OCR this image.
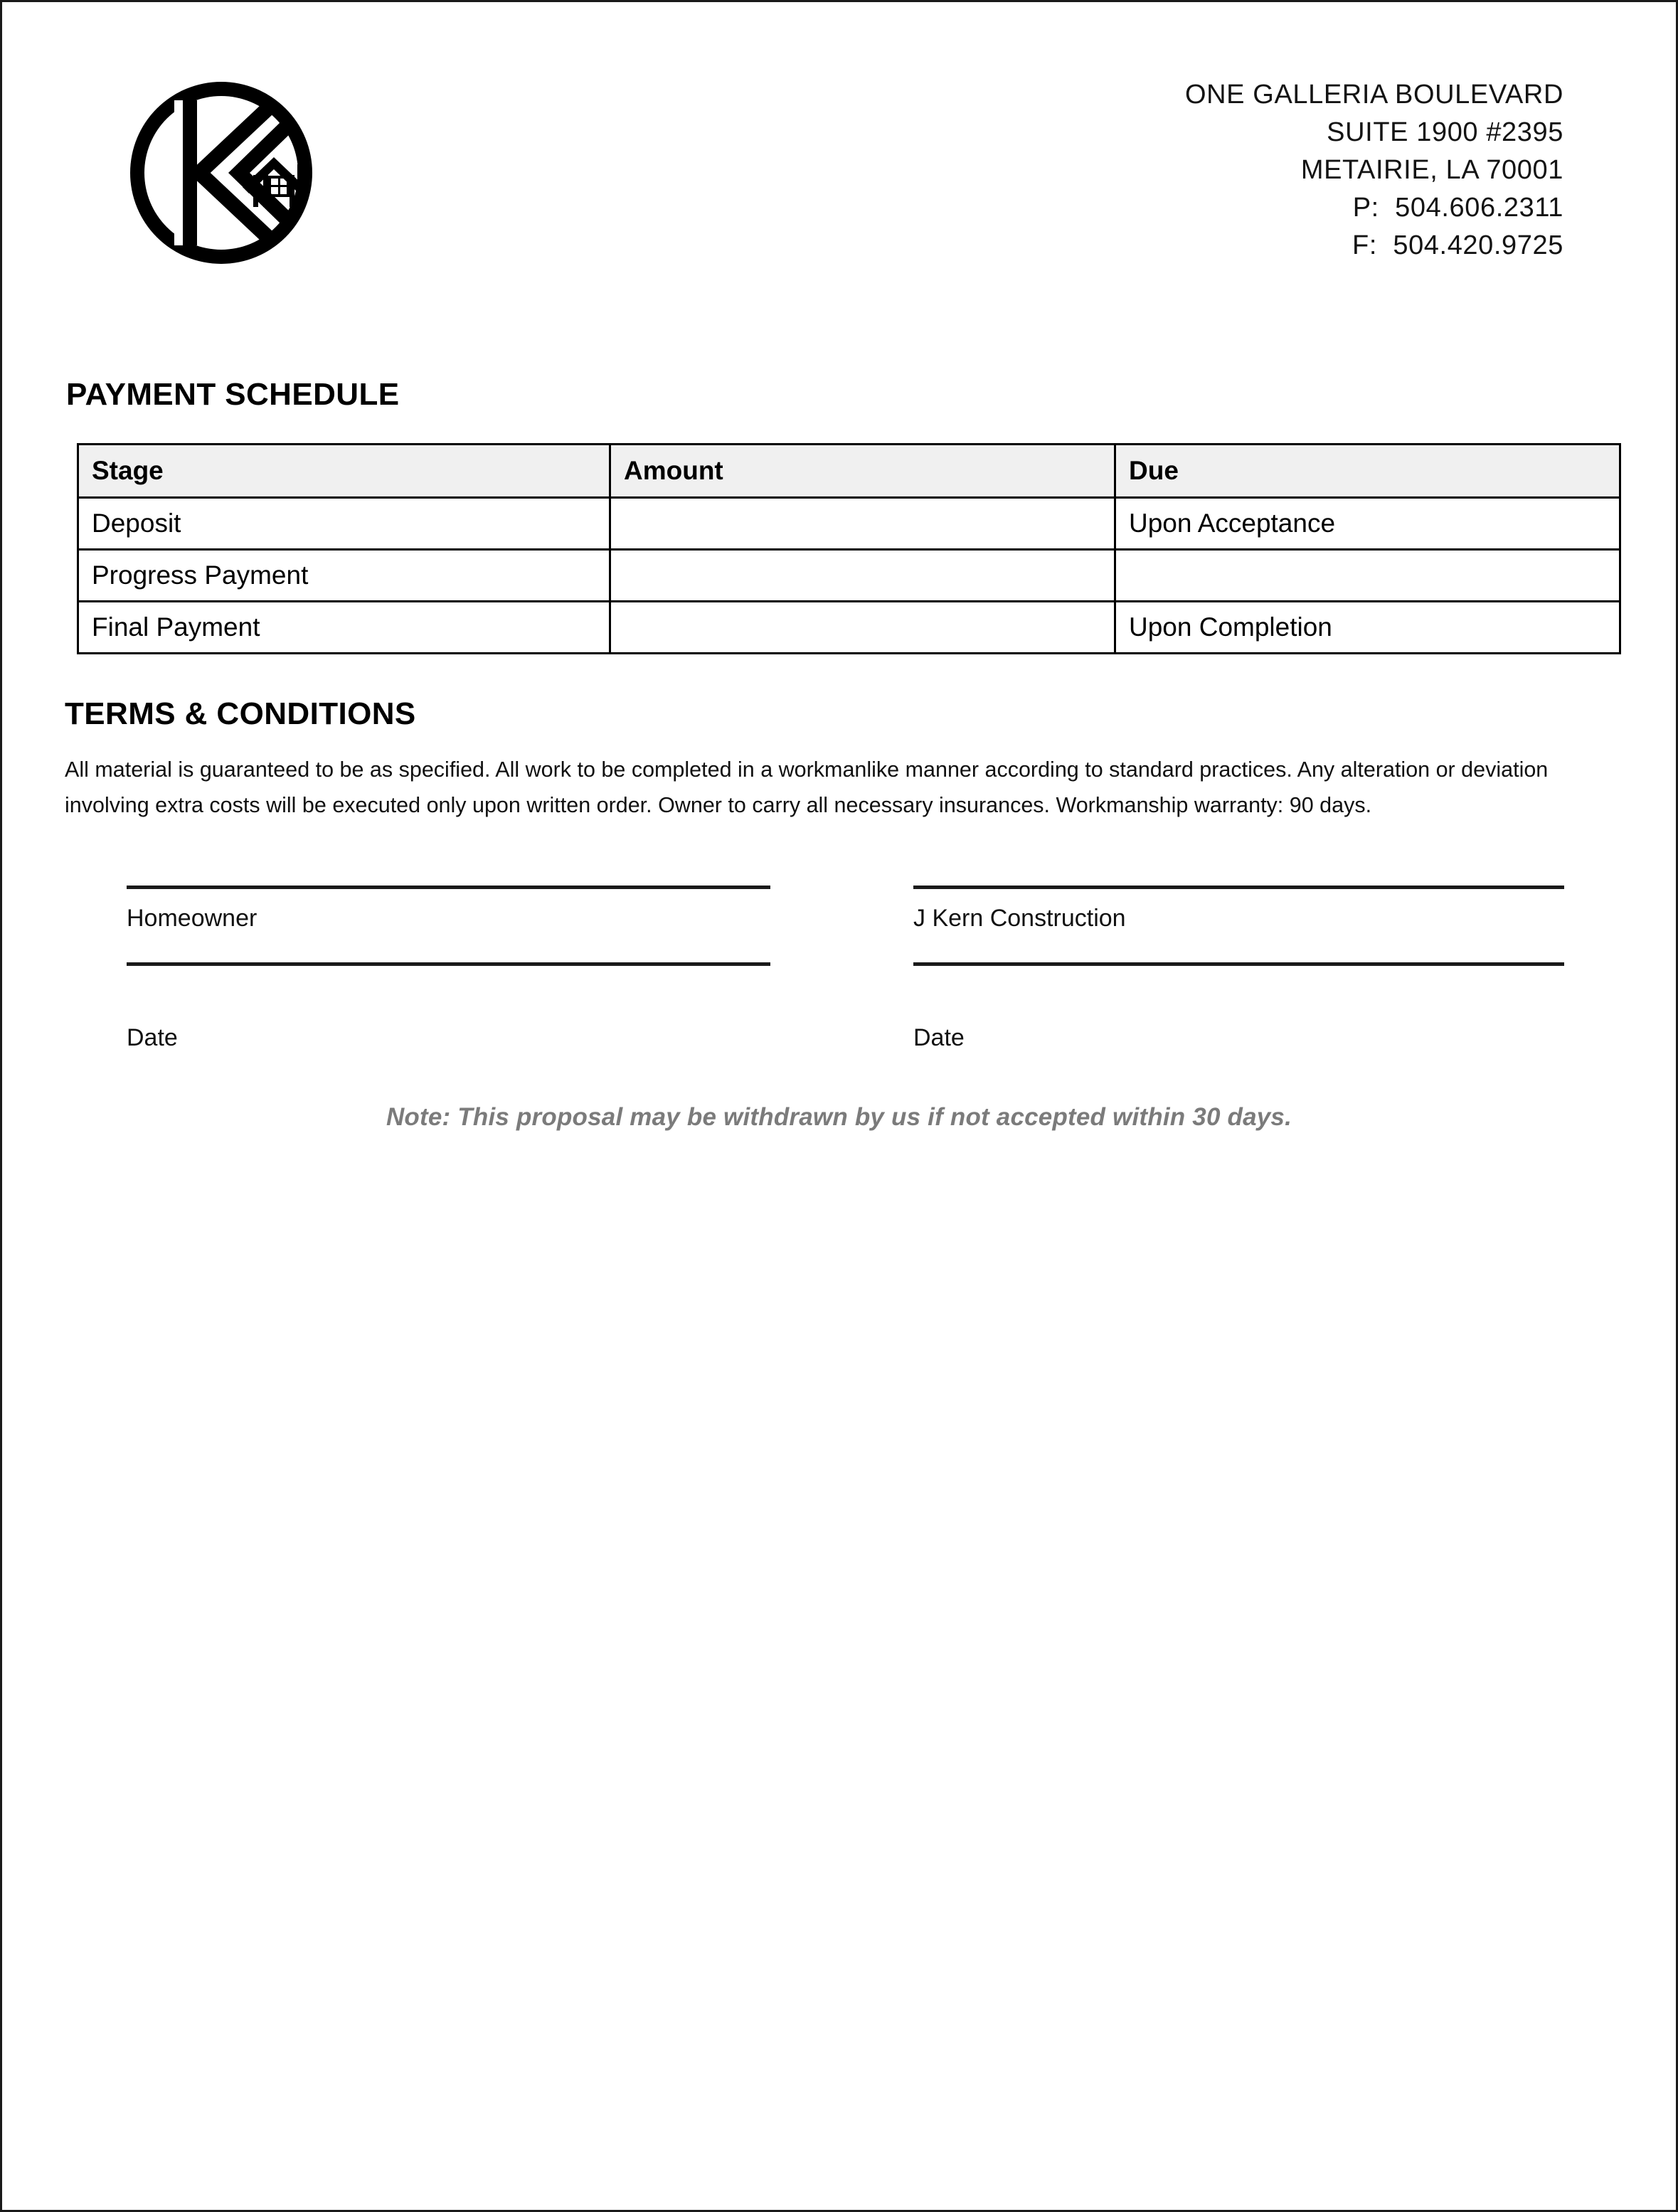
ONE GALLERIA BOULEVARD
SUITE 1900 #2395
METAIRIE, LA 70001
P:  504.606.2311
F:  504.420.9725
PAYMENT SCHEDULE
Stage	Amount	Due
Deposit		Upon Acceptance
Progress Payment		
Final Payment		Upon Completion
TERMS & CONDITIONS
All material is guaranteed to be as specified. All work to be completed in a workmanlike manner according to standard practices. Any alteration or deviation involving extra costs will be executed only upon written order. Owner to carry all necessary insurances. Workmanship warranty: 90 days.
Homeowner
Date
J Kern Construction
Date
Note: This proposal may be withdrawn by us if not accepted within 30 days.
